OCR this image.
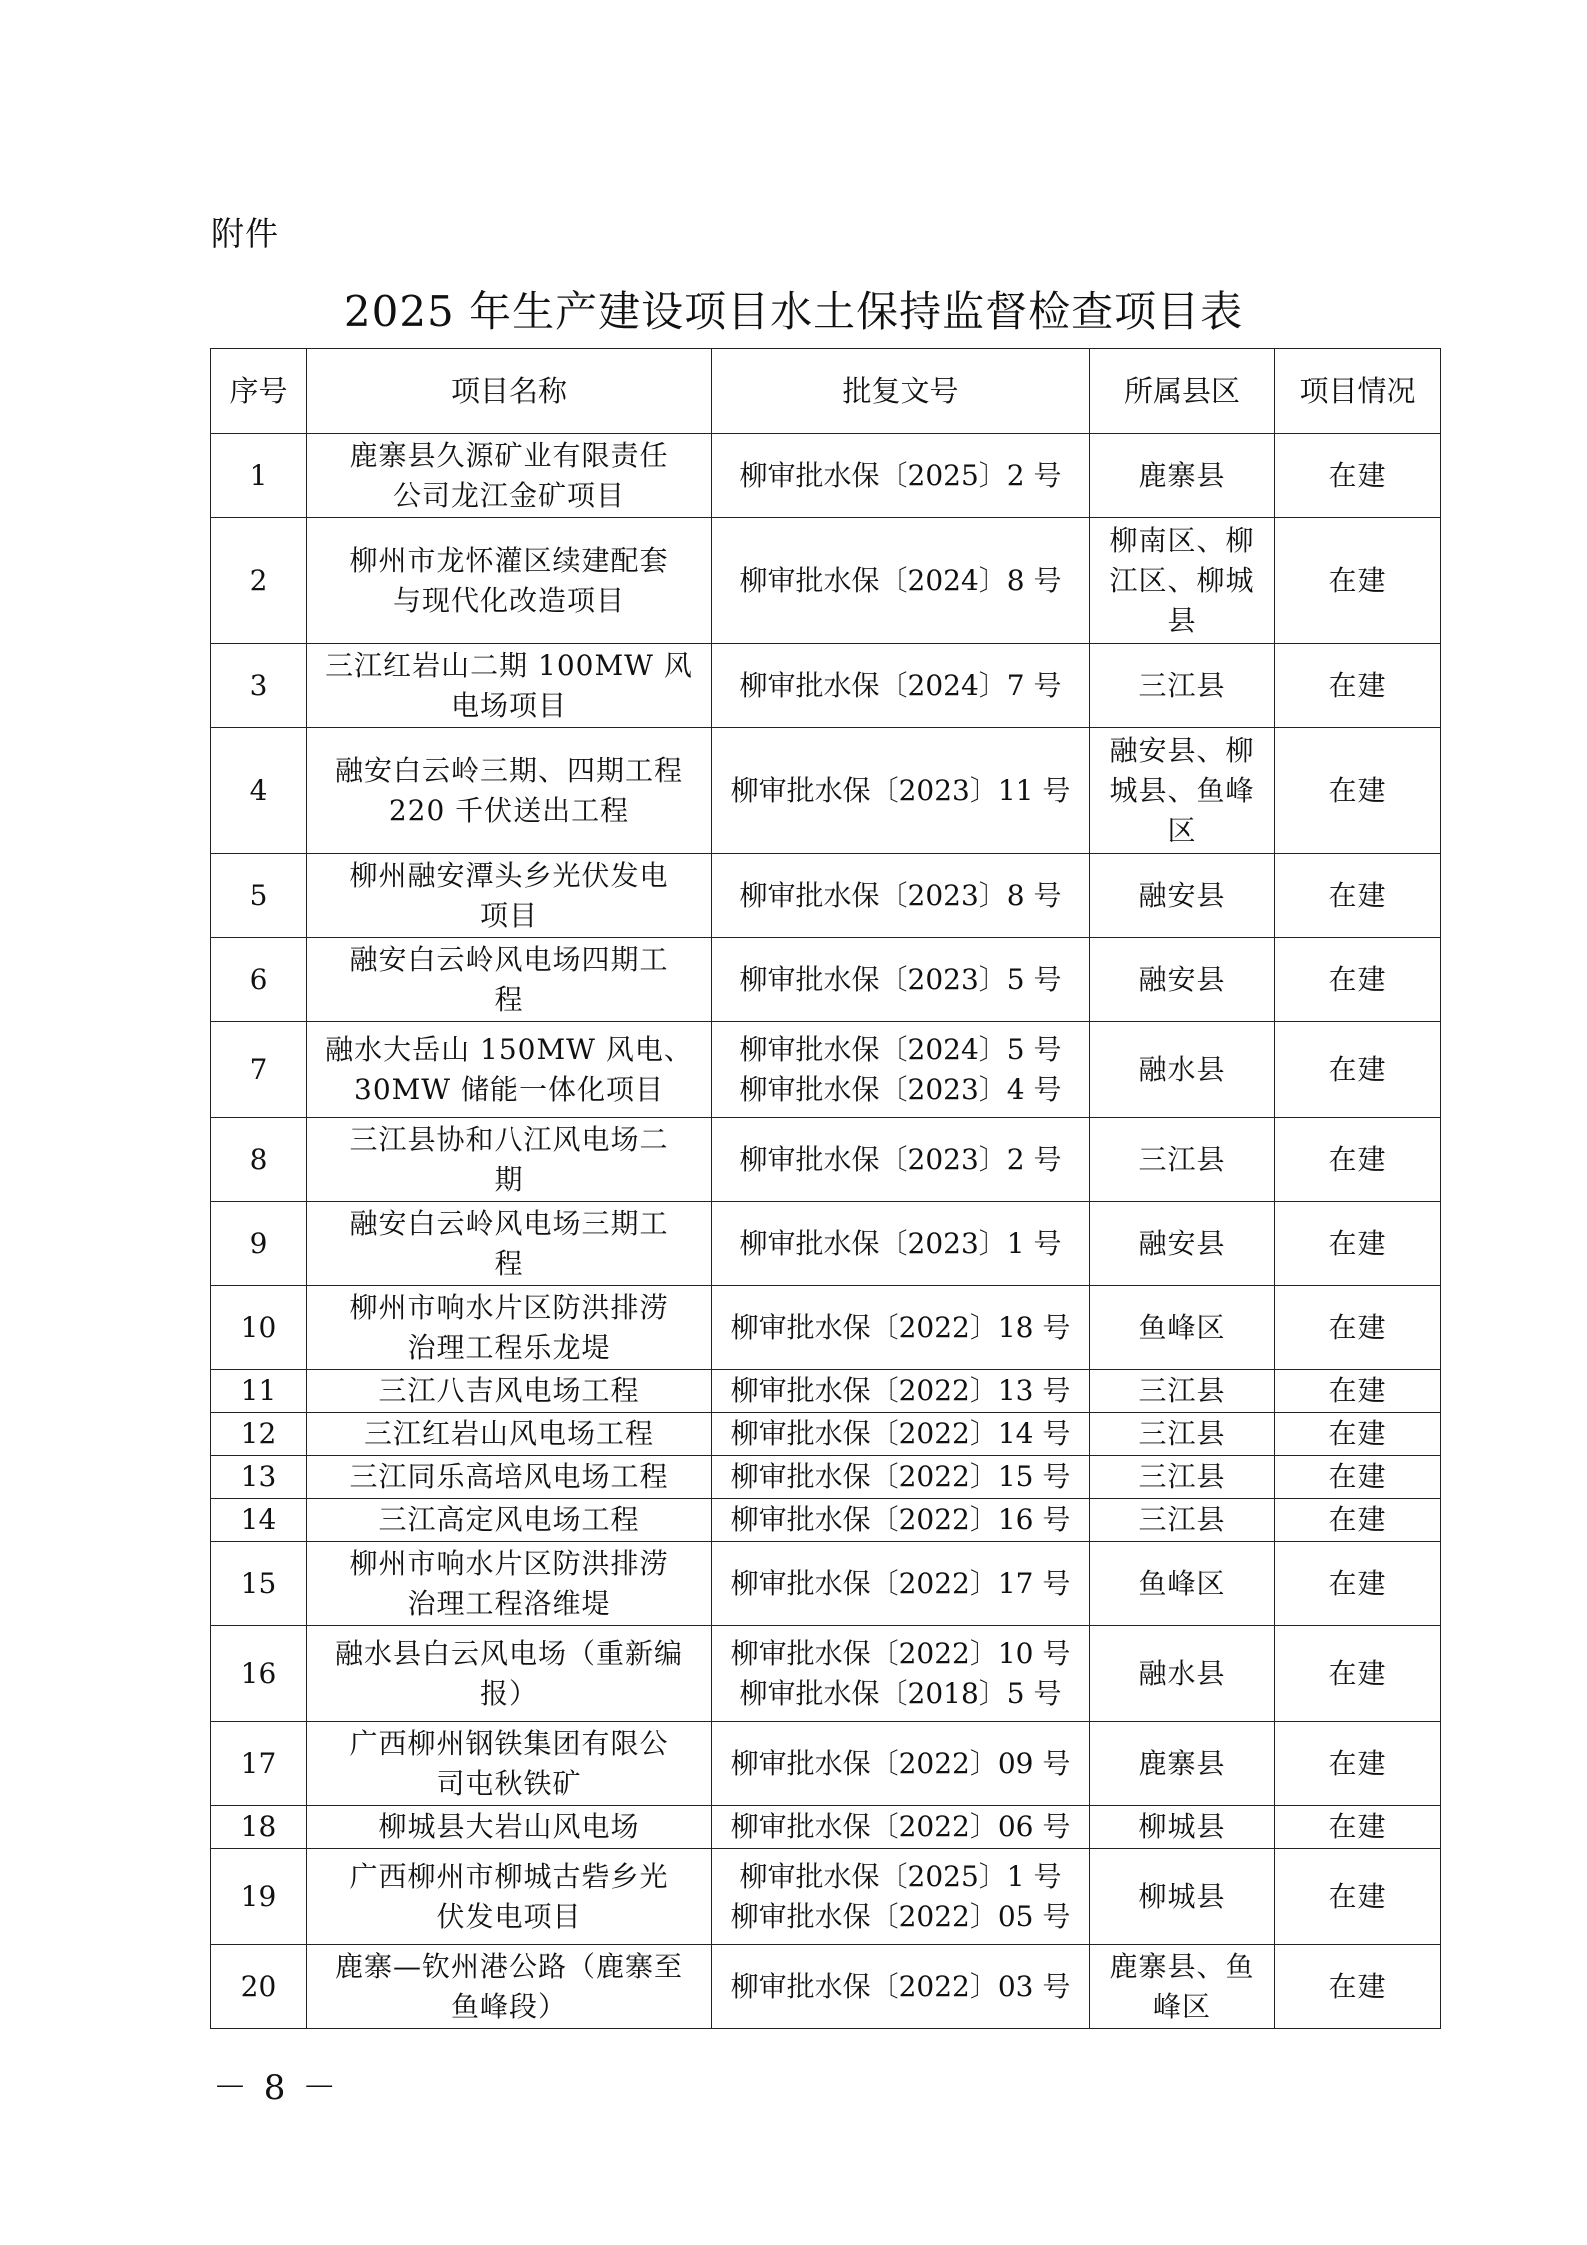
附件
2025 年生产建设项目水土保持监督检查项目表
序号	项目名称	批复文号	所属县区	项目情况
1	鹿寨县久源矿业有限责任
公司龙江金矿项目	柳审批水保〔2025〕2 号	鹿寨县	在建
2	柳州市龙怀灌区续建配套
与现代化改造项目	柳审批水保〔2024〕8 号	柳南区、柳
江区、柳城
县	在建
3	三江红岩山二期 100MW 风
电场项目	柳审批水保〔2024〕7 号	三江县	在建
4	融安白云岭三期、四期工程
220 千伏送出工程	柳审批水保〔2023〕11 号	融安县、柳
城县、鱼峰
区	在建
5	柳州融安潭头乡光伏发电
项目	柳审批水保〔2023〕8 号	融安县	在建
6	融安白云岭风电场四期工
程	柳审批水保〔2023〕5 号	融安县	在建
7	融水大岳山 150MW 风电、
30MW 储能一体化项目	柳审批水保〔2024〕5 号
柳审批水保〔2023〕4 号	融水县	在建
8	三江县协和八江风电场二
期	柳审批水保〔2023〕2 号	三江县	在建
9	融安白云岭风电场三期工
程	柳审批水保〔2023〕1 号	融安县	在建
10	柳州市响水片区防洪排涝
治理工程乐龙堤	柳审批水保〔2022〕18 号	鱼峰区	在建
11	三江八吉风电场工程	柳审批水保〔2022〕13 号	三江县	在建
12	三江红岩山风电场工程	柳审批水保〔2022〕14 号	三江县	在建
13	三江同乐高培风电场工程	柳审批水保〔2022〕15 号	三江县	在建
14	三江高定风电场工程	柳审批水保〔2022〕16 号	三江县	在建
15	柳州市响水片区防洪排涝
治理工程洛维堤	柳审批水保〔2022〕17 号	鱼峰区	在建
16	融水县白云风电场（重新编
报）	柳审批水保〔2022〕10 号
柳审批水保〔2018〕5 号	融水县	在建
17	广西柳州钢铁集团有限公
司屯秋铁矿	柳审批水保〔2022〕09 号	鹿寨县	在建
18	柳城县大岩山风电场	柳审批水保〔2022〕06 号	柳城县	在建
19	广西柳州市柳城古砦乡光
伏发电项目	柳审批水保〔2025〕1 号
柳审批水保〔2022〕05 号	柳城县	在建
20	鹿寨—钦州港公路（鹿寨至
鱼峰段）	柳审批水保〔2022〕03 号	鹿寨县、鱼
峰区	在建
－ 8 －
